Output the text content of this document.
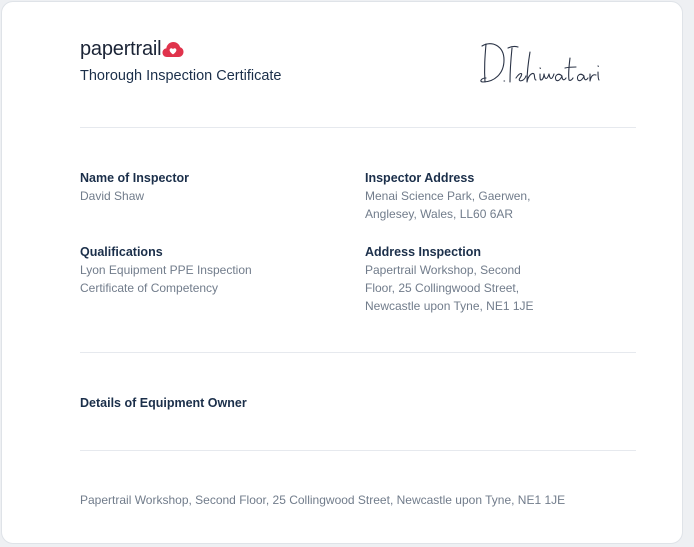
papertrail
Thorough Inspection Certificate
Name of Inspector
David Shaw
Inspector Address
Menai Science Park, Gaerwen,
Anglesey, Wales, LL60 6AR
Qualifications
Lyon Equipment PPE Inspection
Certificate of Competency
Address Inspection
Papertrail Workshop, Second
Floor, 25 Collingwood Street,
Newcastle upon Tyne, NE1 1JE
Details of Equipment Owner
Papertrail Workshop, Second Floor, 25 Collingwood Street, Newcastle upon Tyne, NE1 1JE
